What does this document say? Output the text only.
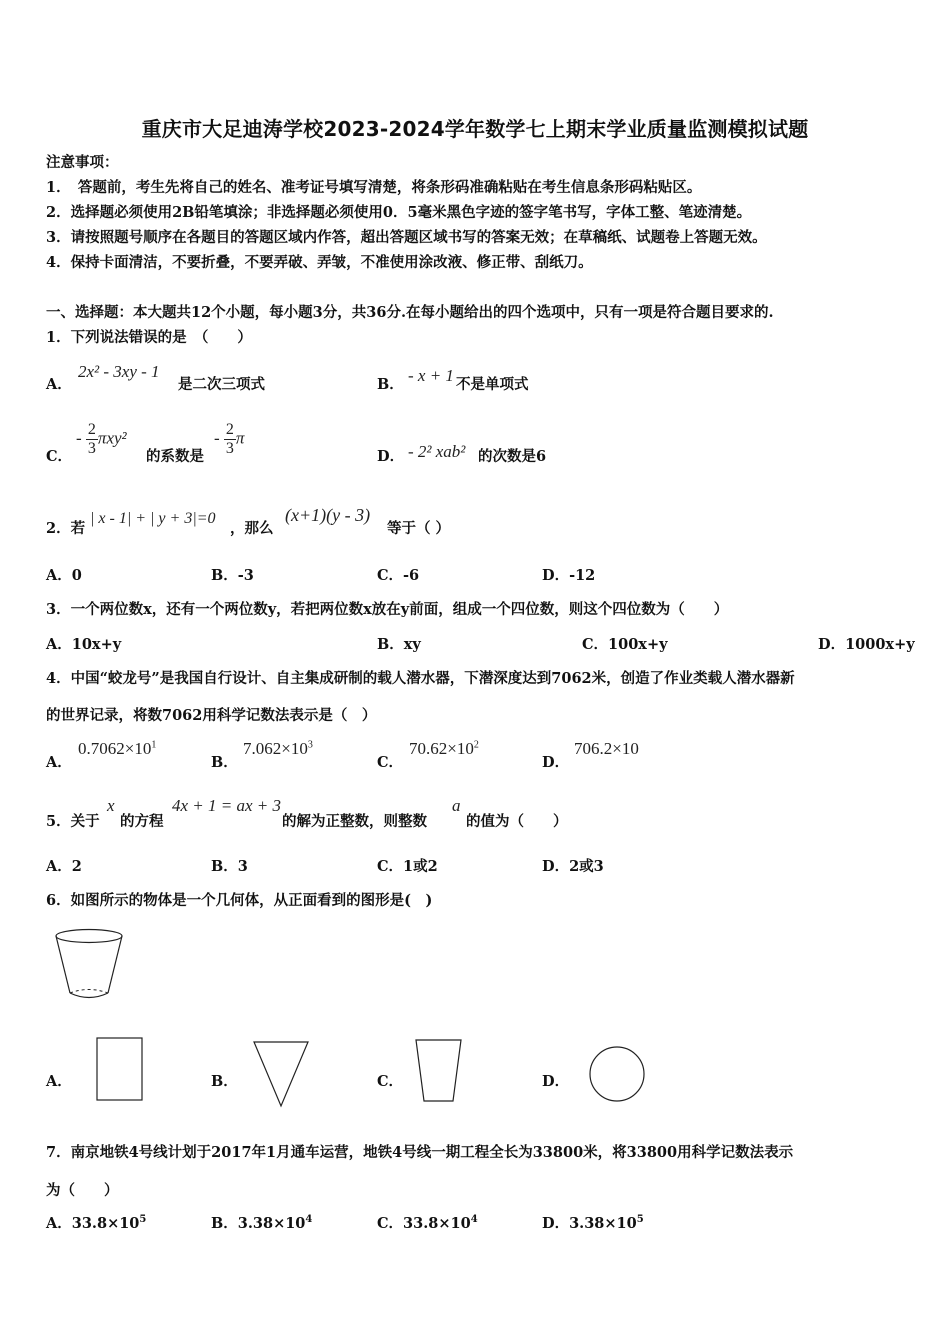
重庆市大足迪涛学校2023-2024学年数学七上期末学业质量监测模拟试题
注意事项：
1．　答题前，考生先将自己的姓名、准考证号填写清楚，将条形码准确粘贴在考生信息条形码粘贴区。
2．选择题必须使用2B铅笔填涂；非选择题必须使用0．5毫米黑色字迹的签字笔书写，字体工整、笔迹清楚。
3．请按照题号顺序在各题目的答题区域内作答，超出答题区域书写的答案无效；在草稿纸、试题卷上答题无效。
4．保持卡面清洁，不要折叠，不要弄破、弄皱，不准使用涂改液、修正带、刮纸刀。
一、选择题：本大题共12个小题，每小题3分，共36分.在每小题给出的四个选项中，只有一项是符合题目要求的.
1．下列说法错误的是　（　　）
A．
2x² - 3xy - 1
是二次三项式	B． - x + 1 不是单项式
C．
- $\frac{2}{3} \pi xy^2$
的系数是
- $\frac{2}{3}$ π
D． - 2² xab² 的次数是6
2．若
| x - 1| + | y + 3|=0
，那么
(x+1)(y - 3)
等于（ ）
A．0	B．-3	C．-6	D．-12
3．一个两位数x，还有一个两位数y，若把两位数x放在y前面，组成一个四位数，则这个四位数为（　　）
A．10x+y	B．xy	C．100x+y	D．1000x+y
4．中国“蛟龙号”是我国自行设计、自主集成研制的载人潜水器，下潜深度达到7062米，创造了作业类载人潜水器新
的世界记录，将数7062用科学记数法表示是（　）
A．
$0.7062\times 10^1$
B．
$7.062\times 10^3$
C．
$70.62\times 10^2$
D．
706.2×10
5．关于
x
的方程
4x + 1 = ax + 3
的解为正整数，则整数
a
的值为（　　）
A．2	B．3	C．1或2	D．2或3
6．如图所示的物体是一个几何体，从正面看到的图形是(　)
A．	B．	C．	D．
7．南京地铁4号线计划于2017年1月通车运营，地铁4号线一期工程全长为33800米，将33800用科学记数法表示
为（　　）
A．$33.8\times 10^5$	B．$3.38\times 10^4$	C．$33.8\times 10^4$	D．$3.38\times 10^5$
